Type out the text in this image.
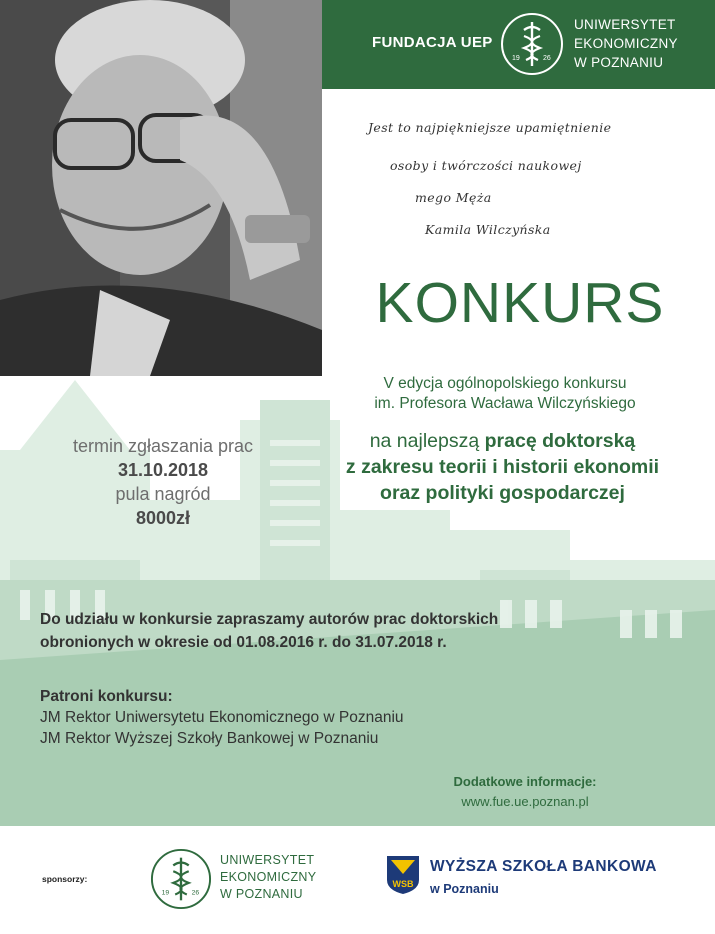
FUNDACJA UEP
19	26
UNIWERSYTET
EKONOMICZNY
W POZNANIU
Jest to najpiękniejsze upamiętnienie
osoby i twórczości naukowej
mego Męża
Kamila Wilczyńska
KONKURS
V edycja ogólnopolskiego konkursu
im. Profesora Wacława Wilczyńskiego
na najlepszą pracę doktorską
z zakresu teorii i historii ekonomii
oraz polityki gospodarczej
termin zgłaszania prac
31.10.2018
pula nagród
8000zł
Do udziału w konkursie zapraszamy autorów prac doktorskich
obronionych w okresie od 01.08.2016 r. do 31.07.2018 r.
Patroni konkursu:
JM Rektor Uniwersytetu Ekonomicznego w Poznaniu
JM Rektor Wyższej Szkoły Bankowej w Poznaniu
Dodatkowe informacje:
www.fue.ue.poznan.pl
sponsorzy:
19	26
UNIWERSYTET
EKONOMICZNY
W POZNANIU
WSB
WYŻSZA SZKOŁA BANKOWA
w Poznaniu
